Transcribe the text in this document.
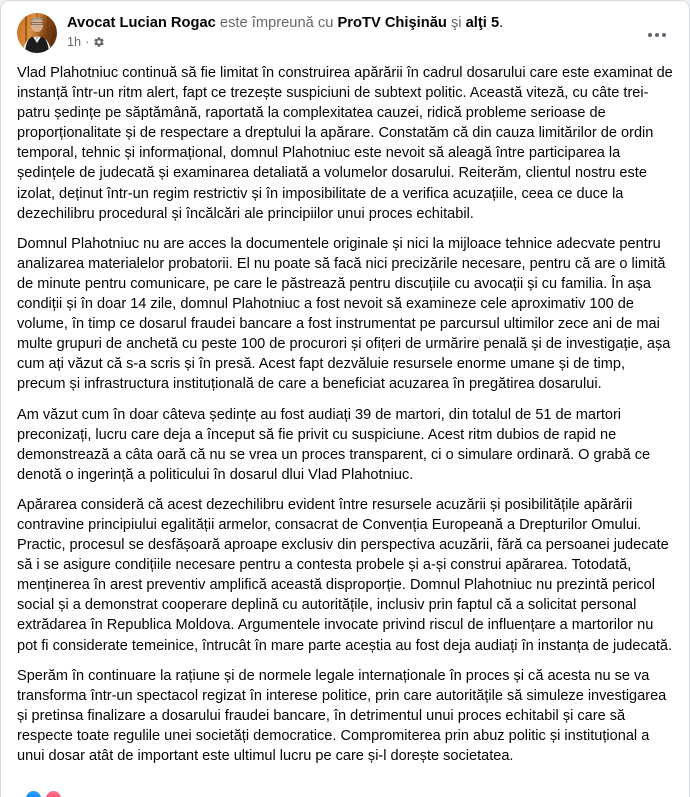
Avocat Lucian Rogac este împreună cu ProTV Chişinău şi alţi 5.
1h ·

Vlad Plahotniuc continuă să fie limitat în construirea apărării în cadrul dosarului care este examinat de instanță într-un ritm alert, fapt ce trezește suspiciuni de subtext politic. Această viteză, cu câte trei-patru ședințe pe săptămână, raportată la complexitatea cauzei, ridică probleme serioase de proporționalitate și de respectare a dreptului la apărare. Constatăm că din cauza limitărilor de ordin temporal, tehnic și informațional, domnul Plahotniuc este nevoit să aleagă între participarea la ședințele de judecată și examinarea detaliată a volumelor dosarului. Reiterăm, clientul nostru este izolat, deținut într-un regim restrictiv și în imposibilitate de a verifica acuzațiile, ceea ce duce la dezechilibru procedural și încălcări ale principiilor unui proces echitabil.

Domnul Plahotniuc nu are acces la documentele originale și nici la mijloace tehnice adecvate pentru analizarea materialelor probatorii. El nu poate să facă nici precizările necesare, pentru că are o limită de minute pentru comunicare, pe care le păstrează pentru discuțiile cu avocații și cu familia. În așa condiții și în doar 14 zile, domnul Plahotniuc a fost nevoit să examineze cele aproximativ 100 de volume, în timp ce dosarul fraudei bancare a fost instrumentat pe parcursul ultimilor zece ani de mai multe grupuri de anchetă cu peste 100 de procurori și ofițeri de urmărire penală și de investigație, așa cum ați văzut că s-a scris și în presă. Acest fapt dezvăluie resursele enorme umane și de timp, precum și infrastructura instituțională de care a beneficiat acuzarea în pregătirea dosarului.

Am văzut cum în doar câteva ședințe au fost audiați 39 de martori, din totalul de 51 de martori preconizați, lucru care deja a început să fie privit cu suspiciune. Acest ritm dubios de rapid ne demonstrează a câta oară că nu se vrea un proces transparent, ci o simulare ordinară. O grabă ce denotă o ingerință a politicului în dosarul dlui Vlad Plahotniuc.

Apărarea consideră că acest dezechilibru evident între resursele acuzării și posibilitățile apărării contravine principiului egalității armelor, consacrat de Convenția Europeană a Drepturilor Omului. Practic, procesul se desfășoară aproape exclusiv din perspectiva acuzării, fără ca persoanei judecate să i se asigure condițiile necesare pentru a contesta probele și a-și construi apărarea. Totodată, menținerea în arest preventiv amplifică această disproporție. Domnul Plahotniuc nu prezintă pericol social și a demonstrat cooperare deplină cu autoritățile, inclusiv prin faptul că a solicitat personal extrădarea în Republica Moldova. Argumentele invocate privind riscul de influențare a martorilor nu pot fi considerate temeinice, întrucât în mare parte aceștia au fost deja audiați în instanța de judecată.

Sperăm în continuare la rațiune și de normele legale internaționale în proces și că acesta nu se va transforma într-un spectacol regizat în interese politice, prin care autoritățile să simuleze investigarea și pretinsa finalizare a dosarului fraudei bancare, în detrimentul unui proces echitabil și care să respecte toate regulile unei societăți democratice. Compromiterea prin abuz politic și instituțional a unui dosar atât de important este ultimul lucru pe care și-l dorește societatea.
